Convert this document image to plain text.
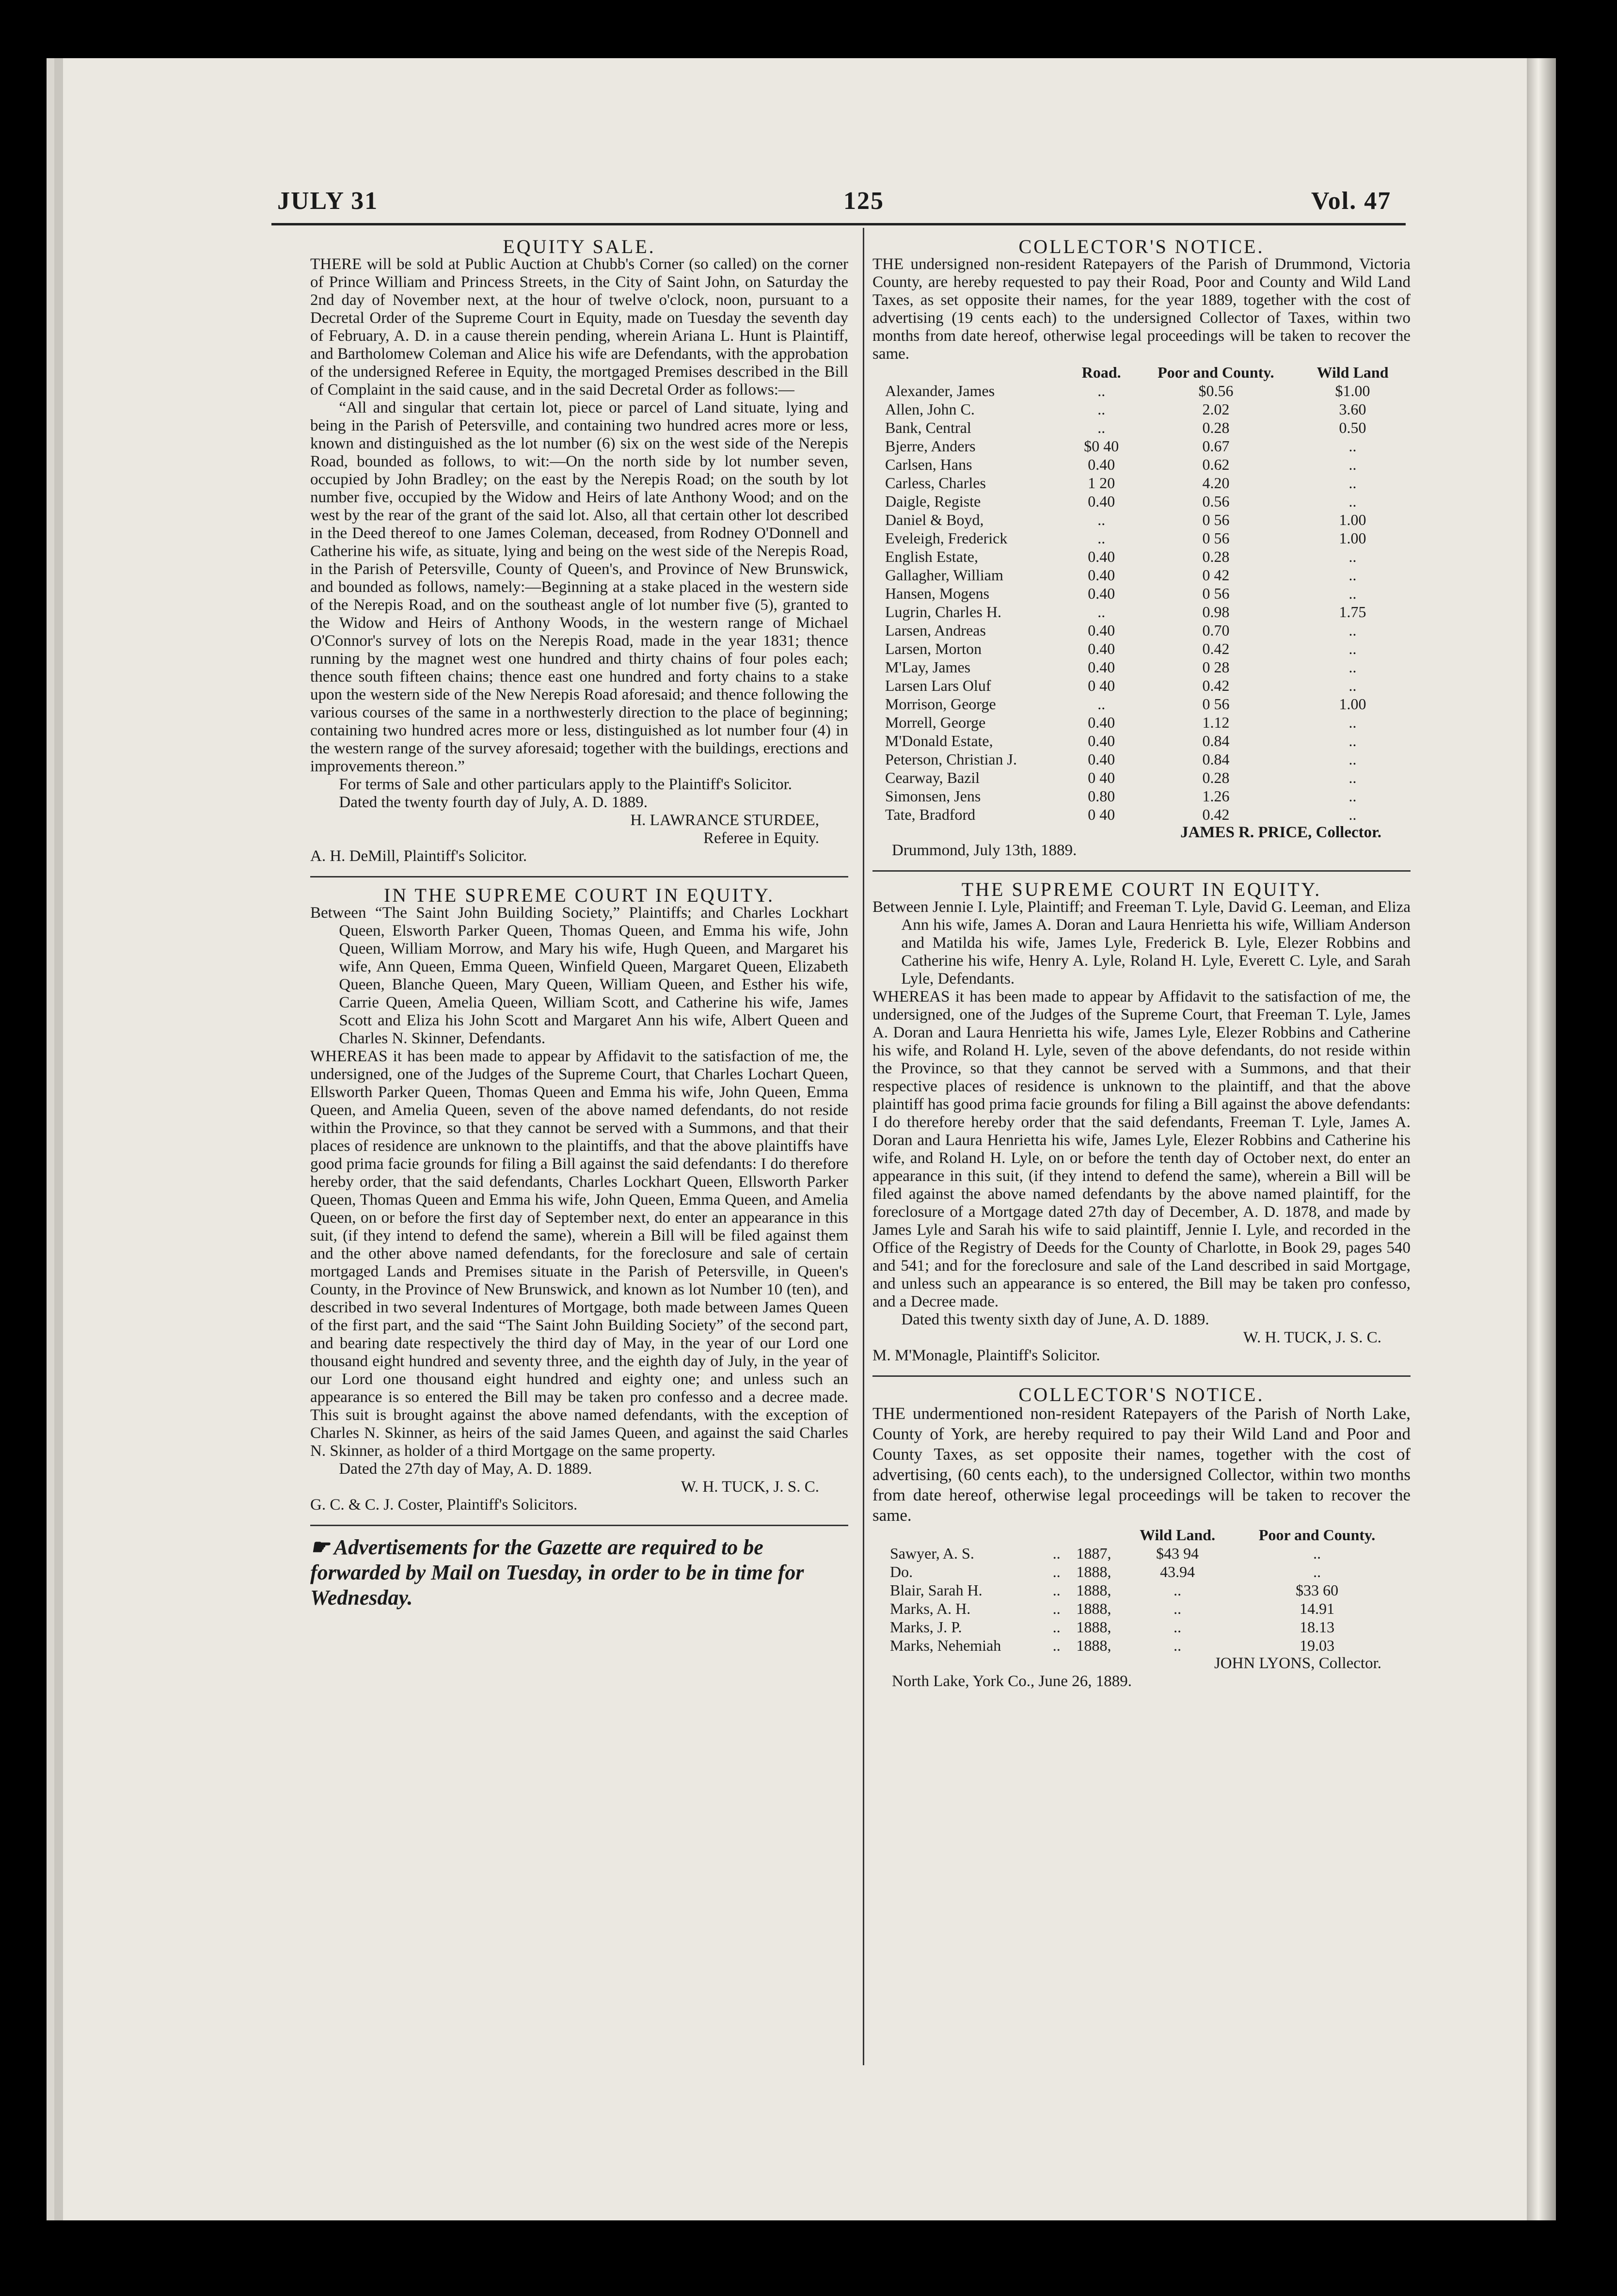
JULY 31	125	Vol. 47

EQUITY SALE.

THERE will be sold at Public Auction at Chubb's Corner (so called) on the corner of Prince William and Princess Streets, in the City of Saint John, on Saturday the 2nd day of November next, at the hour of twelve o'clock, noon, pursuant to a Decretal Order of the Supreme Court in Equity, made on Tuesday the seventh day of February, A. D. in a cause therein pending, wherein Ariana L. Hunt is Plaintiff, and Bartholomew Coleman and Alice his wife are Defendants, with the approbation of the undersigned Referee in Equity, the mortgaged Premises described in the Bill of Complaint in the said cause, and in the said Decretal Order as follows:—

“All and singular that certain lot, piece or parcel of Land situate, lying and being in the Parish of Petersville, and containing two hundred acres more or less, known and distinguished as the lot number (6) six on the west side of the Nerepis Road, bounded as follows, to wit:—On the north side by lot number seven, occupied by John Bradley; on the east by the Nerepis Road; on the south by lot number five, occupied by the Widow and Heirs of late Anthony Wood; and on the west by the rear of the grant of the said lot. Also, all that certain other lot described in the Deed thereof to one James Coleman, deceased, from Rodney O'Donnell and Catherine his wife, as situate, lying and being on the west side of the Nerepis Road, in the Parish of Petersville, County of Queen's, and Province of New Brunswick, and bounded as follows, namely:—Beginning at a stake placed in the western side of the Nerepis Road, and on the southeast angle of lot number five (5), granted to the Widow and Heirs of Anthony Woods, in the western range of Michael O'Connor's survey of lots on the Nerepis Road, made in the year 1831; thence running by the magnet west one hundred and thirty chains of four poles each; thence south fifteen chains; thence east one hundred and forty chains to a stake upon the western side of the New Nerepis Road aforesaid; and thence following the various courses of the same in a northwesterly direction to the place of beginning; containing two hundred acres more or less, distinguished as lot number four (4) in the western range of the survey aforesaid; together with the buildings, erections and improvements thereon.”

For terms of Sale and other particulars apply to the Plaintiff's Solicitor.

Dated the twenty fourth day of July, A. D. 1889.

H. LAWRANCE STURDEE,

Referee in Equity.

A. H. DeMill, Plaintiff's Solicitor.

IN THE SUPREME COURT IN EQUITY.

Between “The Saint John Building Society,” Plaintiffs; and Charles Lockhart Queen, Elsworth Parker Queen, Thomas Queen, and Emma his wife, John Queen, William Morrow, and Mary his wife, Hugh Queen, and Margaret his wife, Ann Queen, Emma Queen, Winfield Queen, Margaret Queen, Elizabeth Queen, Blanche Queen, Mary Queen, William Queen, and Esther his wife, Carrie Queen, Amelia Queen, William Scott, and Catherine his wife, James Scott and Eliza his John Scott and Margaret Ann his wife, Albert Queen and Charles N. Skinner, Defendants.

WHEREAS it has been made to appear by Affidavit to the satisfaction of me, the undersigned, one of the Judges of the Supreme Court, that Charles Lochart Queen, Ellsworth Parker Queen, Thomas Queen and Emma his wife, John Queen, Emma Queen, and Amelia Queen, seven of the above named defendants, do not reside within the Province, so that they cannot be served with a Summons, and that their places of residence are unknown to the plaintiffs, and that the above plaintiffs have good prima facie grounds for filing a Bill against the said defendants: I do therefore hereby order, that the said defendants, Charles Lockhart Queen, Ellsworth Parker Queen, Thomas Queen and Emma his wife, John Queen, Emma Queen, and Amelia Queen, on or before the first day of September next, do enter an appearance in this suit, (if they intend to defend the same), wherein a Bill will be filed against them and the other above named defendants, for the foreclosure and sale of certain mortgaged Lands and Premises situate in the Parish of Petersville, in Queen's County, in the Province of New Brunswick, and known as lot Number 10 (ten), and described in two several Indentures of Mortgage, both made between James Queen of the first part, and the said “The Saint John Building Society” of the second part, and bearing date respectively the third day of May, in the year of our Lord one thousand eight hundred and seventy three, and the eighth day of July, in the year of our Lord one thousand eight hundred and eighty one; and unless such an appearance is so entered the Bill may be taken pro confesso and a decree made. This suit is brought against the above named defendants, with the exception of Charles N. Skinner, as heirs of the said James Queen, and against the said Charles N. Skinner, as holder of a third Mortgage on the same property.

Dated the 27th day of May, A. D. 1889.

W. H. TUCK, J. S. C.

G. C. & C. J. Coster, Plaintiff's Solicitors.

☛ Advertisements for the Gazette are required to be forwarded by Mail on Tuesday, in order to be in time for Wednesday.

COLLECTOR'S NOTICE.

THE undersigned non-resident Ratepayers of the Parish of Drummond, Victoria County, are hereby requested to pay their Road, Poor and County and Wild Land Taxes, as set opposite their names, for the year 1889, together with the cost of advertising (19 cents each) to the undersigned Collector of Taxes, within two months from date hereof, otherwise legal proceedings will be taken to recover the same.

	Road.	Poor and County.	Wild Land
Alexander, James	..	$0.56	$1.00
Allen, John C.	..	2.02	3.60
Bank, Central	..	0.28	0.50
Bjerre, Anders	$0 40	0.67	..
Carlsen, Hans	0.40	0.62	..
Carless, Charles	1 20	4.20	..
Daigle, Registe	0.40	0.56	..
Daniel & Boyd,	..	0 56	1.00
Eveleigh, Frederick	..	0 56	1.00
English Estate,	0.40	0.28	..
Gallagher, William	0.40	0 42	..
Hansen, Mogens	0.40	0 56	..
Lugrin, Charles H.	..	0.98	1.75
Larsen, Andreas	0.40	0.70	..
Larsen, Morton	0.40	0.42	..
M'Lay, James	0.40	0 28	..
Larsen Lars Oluf	0 40	0.42	..
Morrison, George	..	0 56	1.00
Morrell, George	0.40	1.12	..
M'Donald Estate,	0.40	0.84	..
Peterson, Christian J.	0.40	0.84	..
Cearway, Bazil	0 40	0.28	..
Simonsen, Jens	0.80	1.26	..
Tate, Bradford	0 40	0.42	..

JAMES R. PRICE, Collector.

Drummond, July 13th, 1889.

THE SUPREME COURT IN EQUITY.

Between Jennie I. Lyle, Plaintiff; and Freeman T. Lyle, David G. Leeman, and Eliza Ann his wife, James A. Doran and Laura Henrietta his wife, William Anderson and Matilda his wife, James Lyle, Frederick B. Lyle, Elezer Robbins and Catherine his wife, Henry A. Lyle, Roland H. Lyle, Everett C. Lyle, and Sarah Lyle, Defendants.

WHEREAS it has been made to appear by Affidavit to the satisfaction of me, the undersigned, one of the Judges of the Supreme Court, that Freeman T. Lyle, James A. Doran and Laura Henrietta his wife, James Lyle, Elezer Robbins and Catherine his wife, and Roland H. Lyle, seven of the above defendants, do not reside within the Province, so that they cannot be served with a Summons, and that their respective places of residence is unknown to the plaintiff, and that the above plaintiff has good prima facie grounds for filing a Bill against the above defendants: I do therefore hereby order that the said defendants, Freeman T. Lyle, James A. Doran and Laura Henrietta his wife, James Lyle, Elezer Robbins and Catherine his wife, and Roland H. Lyle, on or before the tenth day of October next, do enter an appearance in this suit, (if they intend to defend the same), wherein a Bill will be filed against the above named defendants by the above named plaintiff, for the foreclosure of a Mortgage dated 27th day of December, A. D. 1878, and made by James Lyle and Sarah his wife to said plaintiff, Jennie I. Lyle, and recorded in the Office of the Registry of Deeds for the County of Charlotte, in Book 29, pages 540 and 541; and for the foreclosure and sale of the Land described in said Mortgage, and unless such an appearance is so entered, the Bill may be taken pro confesso, and a Decree made.

Dated this twenty sixth day of June, A. D. 1889.

W. H. TUCK, J. S. C.

M. M'Monagle, Plaintiff's Solicitor.

COLLECTOR'S NOTICE.

THE undermentioned non-resident Ratepayers of the Parish of North Lake, County of York, are hereby required to pay their Wild Land and Poor and County Taxes, as set opposite their names, together with the cost of advertising, (60 cents each), to the undersigned Collector, within two months from date hereof, otherwise legal proceedings will be taken to recover the same.

			Wild Land.	Poor and County.
Sawyer, A. S.	..	1887,	$43 94	..
Do.	..	1888,	43.94	..
Blair, Sarah H.	..	1888,	..	$33 60
Marks, A. H.	..	1888,	..	14.91
Marks, J. P.	..	1888,	..	18.13
Marks, Nehemiah	..	1888,	..	19.03

JOHN LYONS, Collector.

North Lake, York Co., June 26, 1889.
